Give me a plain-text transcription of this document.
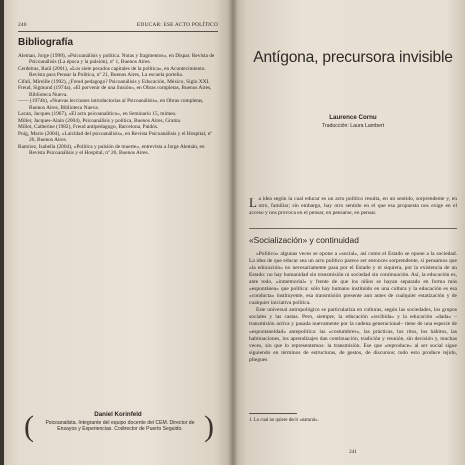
240	EDUCAR: ESE ACTO POLÍTICO
Bibliografía
Aleman, Jorge (1998), «Psicoanálisis y política. Notas y fragmentos», en Dispar. Revista de Psicoanálisis (La época y la pulsión), nº 1, Buenos Aires.
Cerdeiras, Raúl (2001), «Los siete pecados capitales de la política», en Acontecimiento. Revista para Pensar la Política, nº 21, Buenos Aires, La escuela porteña.
Cifali, Mireille (1992), ¿Freud pedagogo? Psicoanálisis y Educación, México, Siglo XXI.
Freud, Sigmund (1974a), «El porvenir de una ilusión», en Obras completas, Buenos Aires, Biblioteca Nueva.
—— (1974b), «Nuevas lecciones introductorias al Psicoanálisis», en Obras completas, Buenos Aires, Biblioteca Nueva.
Lacan, Jacques (1967), «El acto psicoanalítico», en Seminario 15, mimeo.
Miller, Jacques-Alain (2004), Psicoanálisis y política, Buenos Aires, Grama.
Millot, Catherine (1982), Freud antipedagogo, Barcelona, Paidós.
Puig, Mario (2004), «Laicidad del psicoanálisis», en Revista Psicoanálisis y el Hospital, nº 26, Buenos Aires.
Ramírez, Isabella (2004), «Política y pulsión de muerte», entrevista a Jorge Alemán, en Revista Psicoanálisis y el Hospital, nº 26, Buenos Aires.
(	)
Daniel Korinfeld
Psicoanalista. Integrante del equipo docente del CEM. Director de Ensayos y Experiencias. Codirector de Puerto Seguido.
Antígona, precursora invisible
Laurence Cornu
Traducción: Laura Lambert
L a idea según la cual educar es un acto político resulta, en un sentido, sorprendente y, en otro, familiar; sin embargo, hay otro sentido en el que esa propuesta nos exige en el acceso y nos provoca en el pensar, en pensarse, en pensar.
«Socialización» y continuidad

«Político» algunas veces se opone a «social», así como el Estado se opone a la sociedad. La idea de que educar sea un acto político parece ser entonces sorprendente, si pensamos que «la educación» no necesariamente pasa por el Estado y ni siquiera, por la existencia de un Estado: no hay humanidad sin transmisión ni sociedad sin continuación. Así, la educación es, ante todo, «inmemorial» y frente de que los niños se hayan separado en forma más «espontánea» que política: sólo hay humano instituido en una cultura y la educación es esa «conducta» instituyente, esa transmisión presente aun antes de cualquier estatización y de cualquier iniciativa política.

Este universal antropológico se particulariza en culturas, según las sociedades, los grupos sociales y las castas. Pero, siempre, la educación «recibida» y la educación «dada» –transmisión activa y pasada nuevamente por la cadena generacional– tiene de una especie de «espontaneidad» antepolítica: las «costumbres», las prácticas, los ritos, los hábitos, las habituaciones, los aprendizajes dan continuación, tradición y reunión, sin decisión y, muchas veces, sin que lo representemos: la transmisión. Ese que «reproduce» al ser social sigue siguiendo en términos de estructuras, de gestos, de discursos: todo esto produce tejido, pliegues

1. Lo cual no quiere decir «natural».
241
